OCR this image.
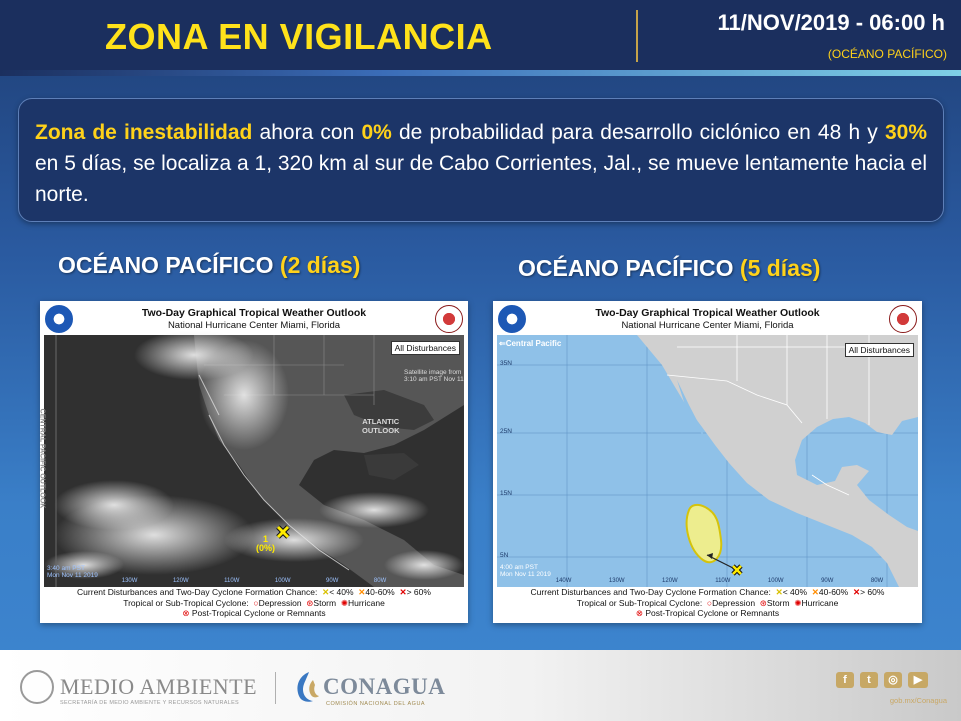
ZONA EN VIGILANCIA	11/NOV/2019 - 06:00 h
(OCÉANO PACÍFICO)
Zona de inestabilidad ahora con 0% de probabilidad para desarrollo ciclónico en 48 h y 30% en 5 días, se localiza a 1, 320 km al sur de Cabo Corrientes, Jal., se mueve lentamente hacia el norte.
OCÉANO PACÍFICO (2 días)	OCÉANO PACÍFICO (5 días)
Two-Day Graphical Tropical Weather Outlook
National Hurricane Center Miami, Florida
Satellite image from
3:10 am PST Nov 11
ATLANTIC
OUTLOOK
CENTRAL PACIFIC OUTLOOK
1
(0%)
3:40 am PST
Mon Nov 11 2019
130W	120W	110W	100W	90W	80W
All Disturbances
Current Disturbances and Two-Day Cyclone Formation Chance:  ✕< 40%  ✕40-60%  ✕> 60%
Tropical or Sub-Tropical Cyclone:  ○Depression  ⊛Storm  ✺Hurricane
⊗ Post-Tropical Cyclone or Remnants
Two-Day Graphical Tropical Weather Outlook
National Hurricane Center Miami, Florida
⇐Central Pacific
35N
25N
15N
5N
4:00 am PST
Mon Nov 11 2019
140W	130W	120W	110W	100W	90W	80W
All Disturbances
Current Disturbances and Two-Day Cyclone Formation Chance:  ✕< 40%  ✕40-60%  ✕> 60%
Tropical or Sub-Tropical Cyclone:  ○Depression  ⊛Storm  ✺Hurricane
⊗ Post-Tropical Cyclone or Remnants
MEDIO AMBIENTE
SECRETARÍA DE MEDIO AMBIENTE Y RECURSOS NATURALES
CONAGUA
COMISIÓN NACIONAL DEL AGUA
f	t	◎	▶
gob.mx/Conagua
